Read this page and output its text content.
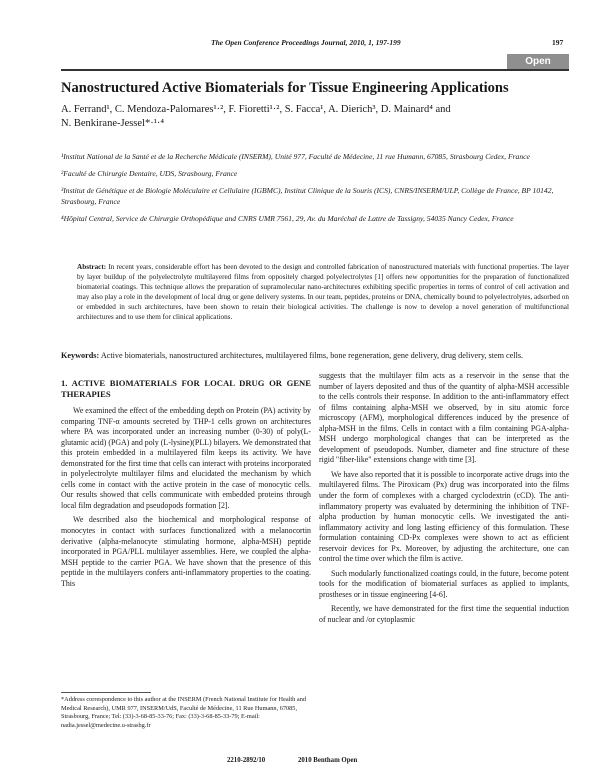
The Open Conference Proceedings Journal, 2010, 1, 197-199	197
Open Access
Nanostructured Active Biomaterials for Tissue Engineering Applications
A. Ferrand¹, C. Mendoza-Palomares¹·², F. Fioretti¹·², S. Facca¹, A. Dierich³, D. Mainard⁴ and
N. Benkirane-Jessel*·¹·⁴

¹Institut National de la Santé et de la Recherche Médicale (INSERM), Unité 977, Faculté de Médecine, 11 rue Humann, 67085, Strasbourg Cedex, France

²Faculté de Chirurgie Dentaire, UDS, Strasbourg, France

³Institut de Génétique et de Biologie Moléculaire et Cellulaire (IGBMC), Institut Clinique de la Souris (ICS), CNRS/INSERM/ULP, Collège de France, BP 10142, Strasbourg, France

⁴Hôpital Central, Service de Chirurgie Orthopédique and CNRS UMR 7561, 29, Av. du Maréchal de Lattre de Tassigny, 54035 Nancy Cedex, France

Abstract: In recent years, considerable effort has been devoted to the design and controlled fabrication of nanostructured materials with functional properties. The layer by layer buildup of the polyelectrolyte multilayered films from oppositely charged polyelectrolytes [1] offers new opportunities for the preparation of functionalized biomaterial coatings. This technique allows the preparation of supramolecular nano-architectures exhibiting specific properties in terms of control of cell activation and may also play a role in the development of local drug or gene delivery systems. In our team, peptides, proteins or DNA, chemically bound to polyelectrolytes, adsorbed on or embedded in such architectures, have been shown to retain their biological activities. The challenge is now to develop a novel generation of multifunctional architectures and to use them for clinical applications.
Keywords: Active biomaterials, nanostructured architectures, multilayered films, bone regeneration, gene delivery, drug delivery, stem cells.
1. ACTIVE BIOMATERIALS FOR LOCAL DRUG OR GENE THERAPIES

We examined the effect of the embedding depth on Protein (PA) activity by comparing TNF-α amounts secreted by THP-1 cells grown on architectures where PA was incorporated under an increasing number (0-30) of poly(L-glutamic acid) (PGA) and poly (L-lysine)(PLL) bilayers. We demonstrated that this protein embedded in a multilayered film keeps its activity. We have demonstrated for the first time that cells can interact with proteins incorporated in polyelectrolyte multilayer films and elucidated the mechanism by which cells come in contact with the active protein in the case of monocytic cells. Our results showed that cells communicate with embedded proteins through local film degradation and pseudopods formation [2].

We described also the biochemical and morphological response of monocytes in contact with surfaces functionalized with a melanocortin derivative (alpha-melanocyte stimulating hormone, alpha-MSH) peptide incorporated in PGA/PLL multilayer assemblies. Here, we coupled the alpha-MSH peptide to the carrier PGA. We have shown that the presence of this peptide in the multilayers confers anti-inflammatory properties to the coating. This

suggests that the multilayer film acts as a reservoir in the sense that the number of layers deposited and thus of the quantity of alpha-MSH accessible to the cells controls their response. In addition to the anti-inflammatory effect of films containing alpha-MSH we observed, by in situ atomic force microscopy (AFM), morphological differences induced by the presence of alpha-MSH in the films. Cells in contact with a film containing PGA-alpha-MSH undergo morphological changes that can be interpreted as the development of pseudopods. Number, diameter and fine structure of these rigid "fiber-like" extensions change with time [3].

We have also reported that it is possible to incorporate active drugs into the multilayered films. The Piroxicam (Px) drug was incorporated into the films under the form of complexes with a charged cyclodextrin (cCD). The anti-inflammatory property was evaluated by determining the inhibition of TNF-alpha production by human monocytic cells. We investigated the anti-inflammatory activity and long lasting efficiency of this formulation. These formulation containing CD-Px complexes were shown to act as efficient reservoir devices for Px. Moreover, by adjusting the architecture, one can control the time over which the film is active.

Such modularly functionalized coatings could, in the future, become potent tools for the modification of biomaterial surfaces as applied to implants, prostheses or in tissue engineering [4-6].

Recently, we have demonstrated for the first time the sequential induction of nuclear and /or cytoplasmic

*Address correspondence to this author at the INSERM (French National Institute for Health and Medical Research), UMR 977, INSERM/UdS, Faculté de Médecine, 11 Rue Humann, 67085, Strasbourg, France; Tel: (33)-3-68-85-33-76; Fax: (33)-3-68-85-33-79; E-mail: nadia.jessel@medecine.u-strasbg.fr
2210-2892/10	2010 Bentham Open
